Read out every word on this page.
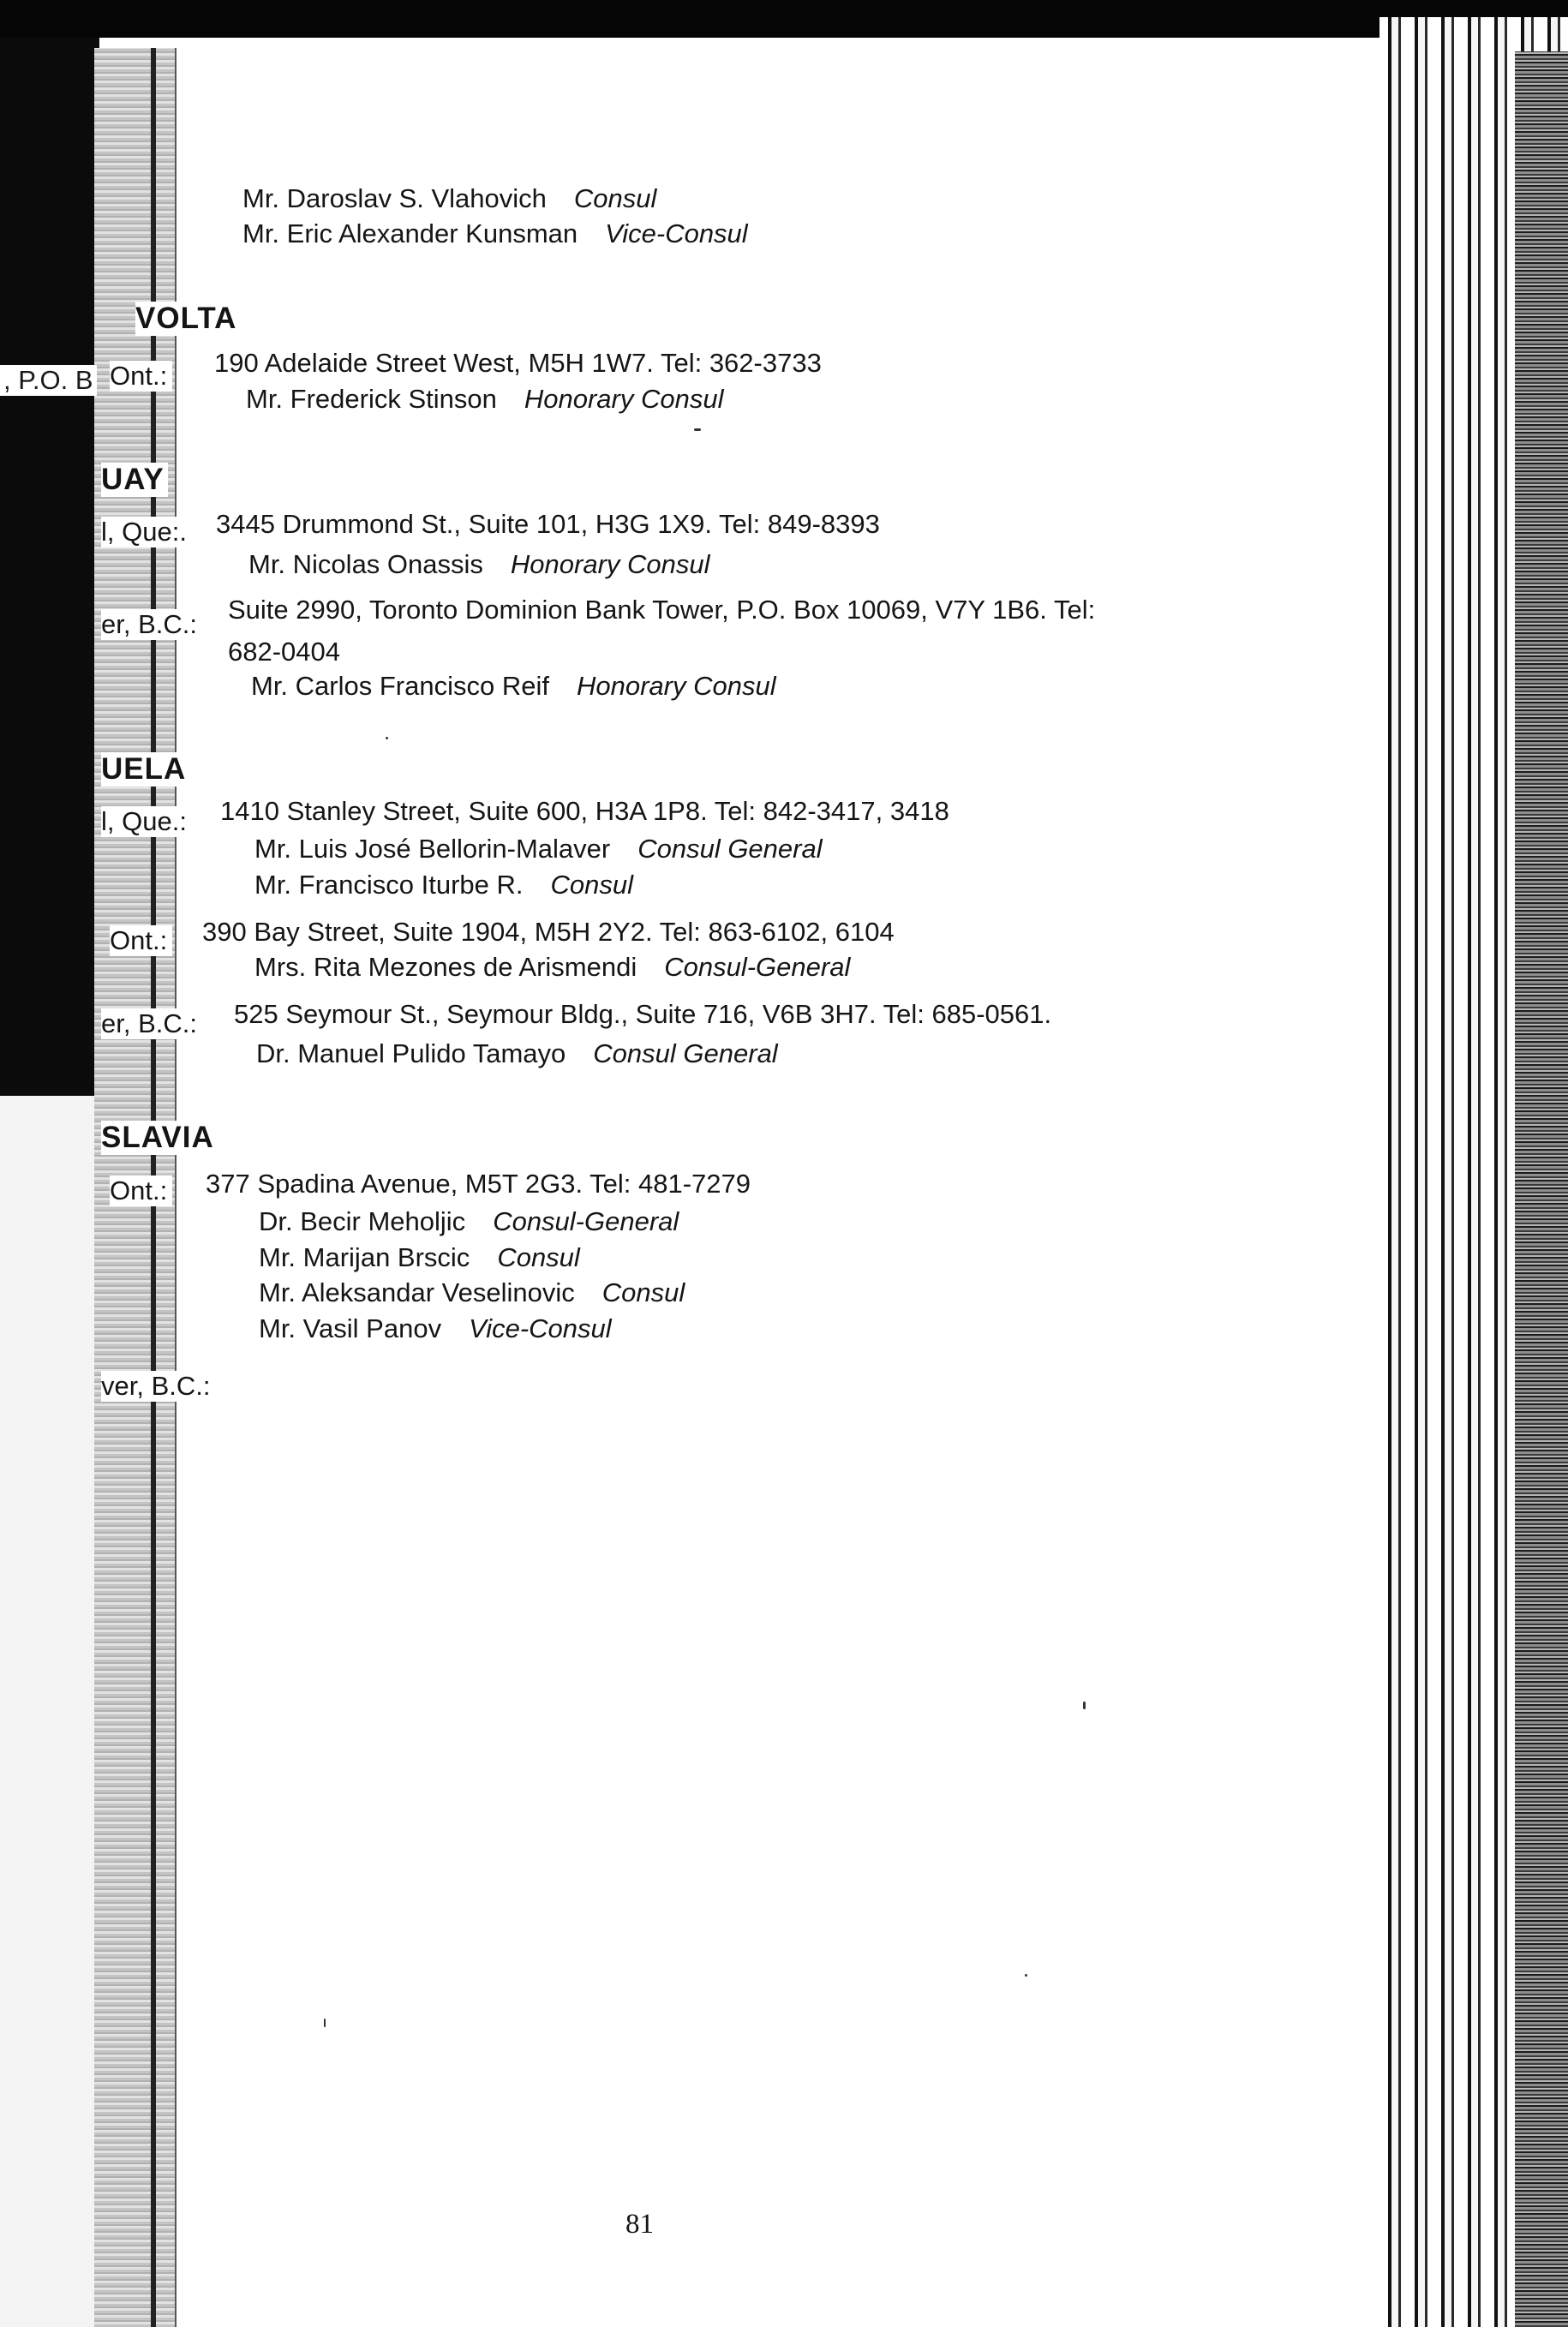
, P.O. B
Mr. Daroslav S. Vlahovich Consul
Mr. Eric Alexander Kunsman Vice-Consul
VOLTA
Ont.: 190 Adelaide Street West, M5H 1W7. Tel: 362-3733
Mr. Frederick Stinson Honorary Consul
UAY
l, Que:. 3445 Drummond St., Suite 101, H3G 1X9. Tel: 849-8393
Mr. Nicolas Onassis Honorary Consul
er, B.C.: Suite 2990, Toronto Dominion Bank Tower, P.O. Box 10069, V7Y 1B6. Tel:
682-0404
Mr. Carlos Francisco Reif Honorary Consul
UELA
l, Que.: 1410 Stanley Street, Suite 600, H3A 1P8. Tel: 842-3417, 3418
Mr. Luis José Bellorin-Malaver Consul General
Mr. Francisco Iturbe R. Consul
Ont.: 390 Bay Street, Suite 1904, M5H 2Y2. Tel: 863-6102, 6104
Mrs. Rita Mezones de Arismendi Consul-General
er, B.C.: 525 Seymour St., Seymour Bldg., Suite 716, V6B 3H7. Tel: 685-0561.
Dr. Manuel Pulido Tamayo Consul General
SLAVIA
Ont.: 377 Spadina Avenue, M5T 2G3. Tel: 481-7279
Dr. Becir Meholjic Consul-General
Mr. Marijan Brscic Consul
Mr. Aleksandar Veselinovic Consul
Mr. Vasil Panov Vice-Consul
ver, B.C.:
81
